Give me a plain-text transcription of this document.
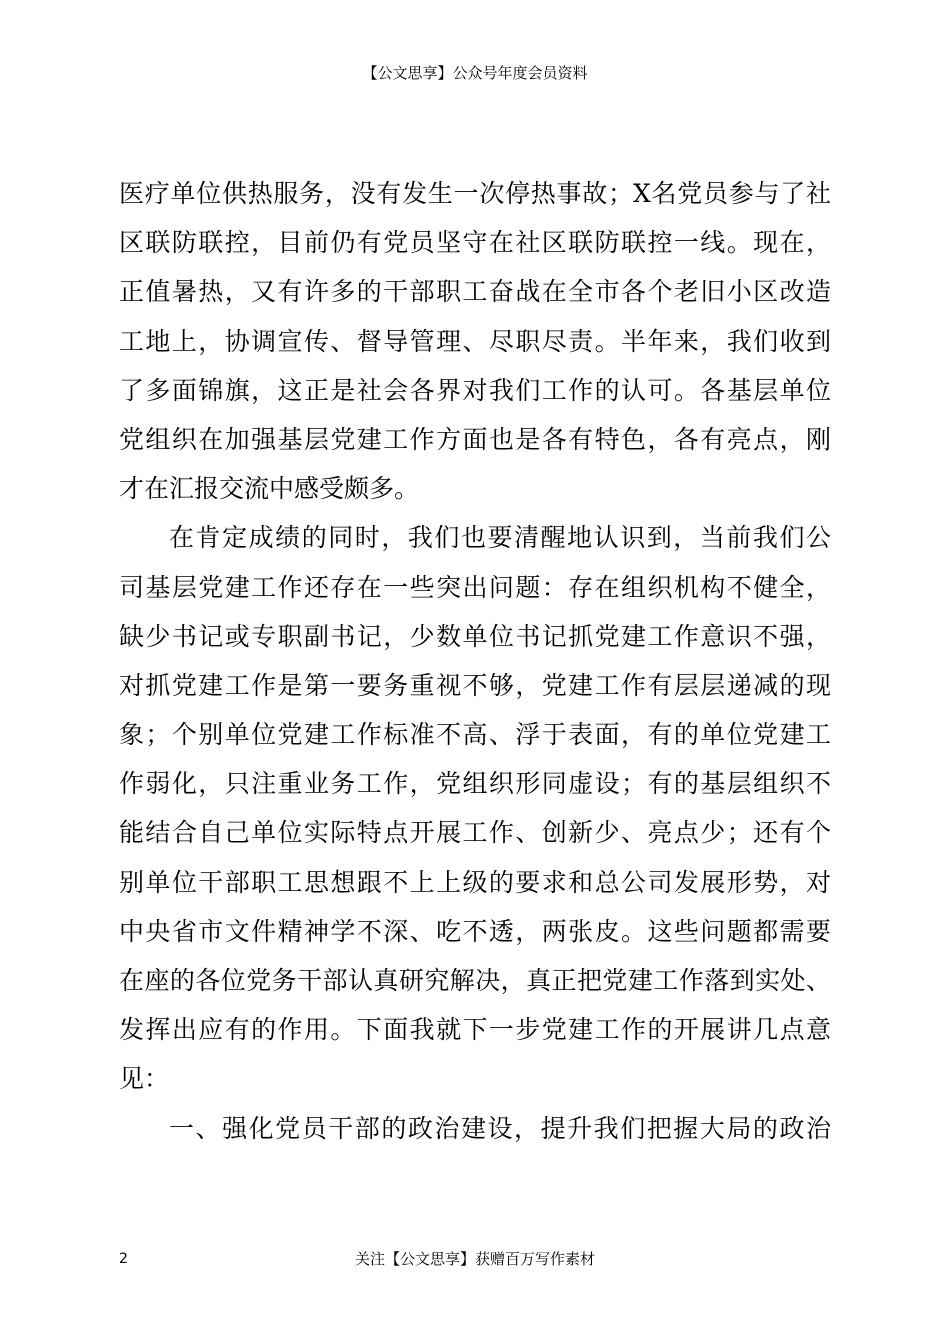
【公文思享】公众号年度会员资料
医疗单位供热服务，没有发生一次停热事故；X名党员参与了社
区联防联控，目前仍有党员坚守在社区联防联控一线。现在，
正值暑热，又有许多的干部职工奋战在全市各个老旧小区改造
工地上，协调宣传、督导管理、尽职尽责。半年来，我们收到
了多面锦旗，这正是社会各界对我们工作的认可。各基层单位
党组织在加强基层党建工作方面也是各有特色，各有亮点，刚
才在汇报交流中感受颇多。
在肯定成绩的同时，我们也要清醒地认识到，当前我们公
司基层党建工作还存在一些突出问题：存在组织机构不健全，
缺少书记或专职副书记，少数单位书记抓党建工作意识不强，
对抓党建工作是第一要务重视不够，党建工作有层层递减的现
象；个别单位党建工作标准不高、浮于表面，有的单位党建工
作弱化，只注重业务工作，党组织形同虚设；有的基层组织不
能结合自己单位实际特点开展工作、创新少、亮点少；还有个
别单位干部职工思想跟不上上级的要求和总公司发展形势，对
中央省市文件精神学不深、吃不透，两张皮。这些问题都需要
在座的各位党务干部认真研究解决，真正把党建工作落到实处、
发挥出应有的作用。下面我就下一步党建工作的开展讲几点意
见：
一、强化党员干部的政治建设，提升我们把握大局的政治
2	关注【公文思享】获赠百万写作素材
